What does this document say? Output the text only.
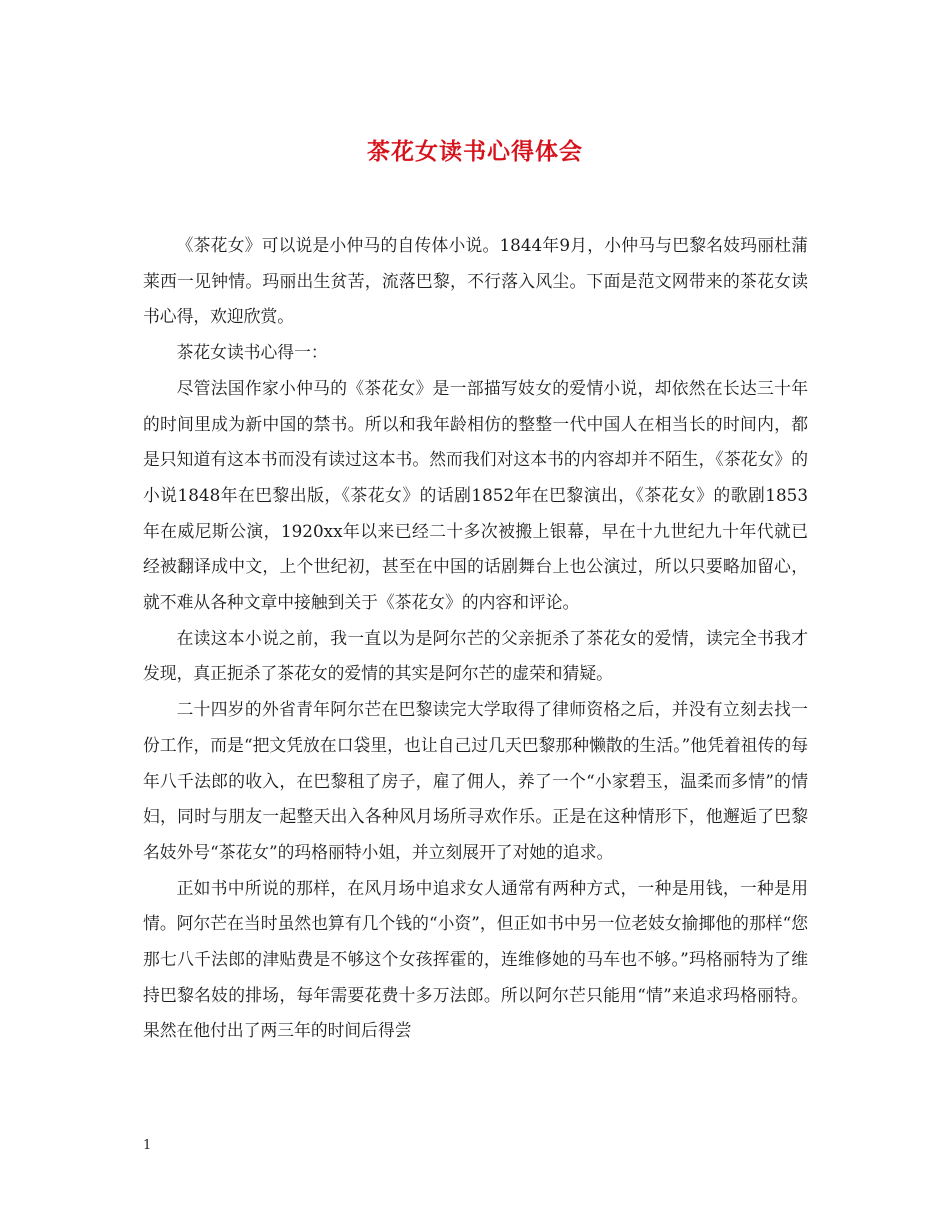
茶花女读书心得体会

《茶花女》可以说是小仲马的自传体小说。1844年9月，小仲马与巴黎名妓玛丽杜蒲莱西一见钟情。玛丽出生贫苦，流落巴黎，不行落入风尘。下面是范文网带来的茶花女读书心得，欢迎欣赏。

茶花女读书心得一：

尽管法国作家小仲马的《茶花女》是一部描写妓女的爱情小说，却依然在长达三十年的时间里成为新中国的禁书。所以和我年龄相仿的整整一代中国人在相当长的时间内，都是只知道有这本书而没有读过这本书。然而我们对这本书的内容却并不陌生，《茶花女》的小说1848年在巴黎出版，《茶花女》的话剧1852年在巴黎演出，《茶花女》的歌剧1853年在威尼斯公演，1920xx年以来已经二十多次被搬上银幕，早在十九世纪九十年代就已经被翻译成中文，上个世纪初，甚至在中国的话剧舞台上也公演过，所以只要略加留心，就不难从各种文章中接触到关于《茶花女》的内容和评论。

在读这本小说之前，我一直以为是阿尔芒的父亲扼杀了茶花女的爱情，读完全书我才发现，真正扼杀了茶花女的爱情的其实是阿尔芒的虚荣和猜疑。

二十四岁的外省青年阿尔芒在巴黎读完大学取得了律师资格之后，并没有立刻去找一份工作，而是“把文凭放在口袋里，也让自己过几天巴黎那种懒散的生活。”他凭着祖传的每年八千法郎的收入，在巴黎租了房子，雇了佣人，养了一个“小家碧玉，温柔而多情”的情妇，同时与朋友一起整天出入各种风月场所寻欢作乐。正是在这种情形下，他邂逅了巴黎名妓外号“茶花女”的玛格丽特小姐，并立刻展开了对她的追求。

正如书中所说的那样，在风月场中追求女人通常有两种方式，一种是用钱，一种是用情。阿尔芒在当时虽然也算有几个钱的“小资”，但正如书中另一位老妓女揄揶他的那样“您那七八千法郎的津贴费是不够这个女孩挥霍的，连维修她的马车也不够。”玛格丽特为了维持巴黎名妓的排场，每年需要花费十多万法郎。所以阿尔芒只能用“情”来追求玛格丽特。果然在他付出了两三年的时间后得尝

1
